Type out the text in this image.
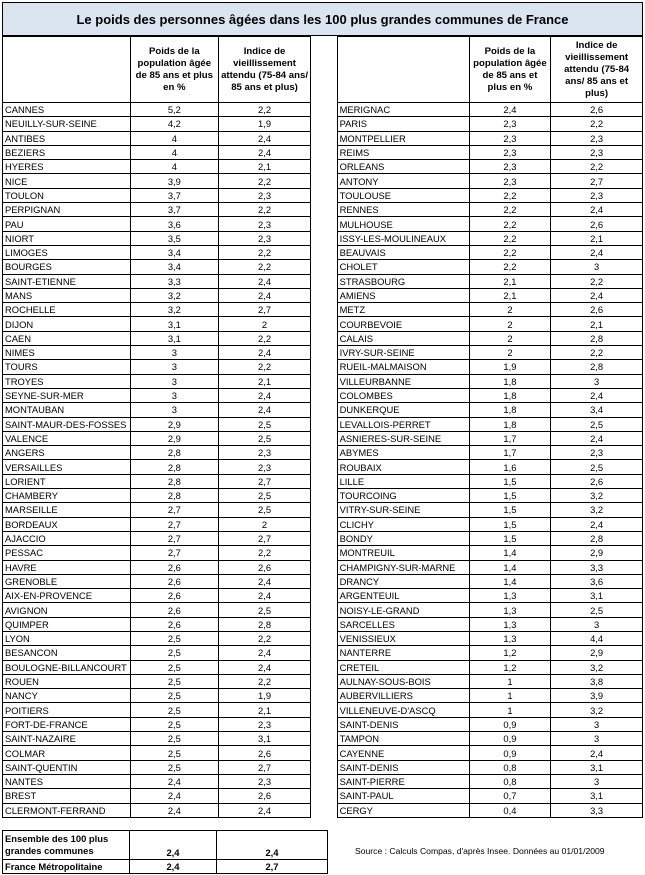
Le poids des personnes âgées dans les 100 plus grandes communes de France
	Poids de la population âgée de 85 ans et plus en %	Indice de vieillissement attendu (75-84 ans/ 85 ans et plus)			Poids de la population âgée de 85 ans et plus en %	Indice de vieillissement attendu (75-84 ans/ 85 ans et plus)
CANNES	5,2	2,2		MERIGNAC	2,4	2,6
NEUILLY-SUR-SEINE	4,2	1,9		PARIS	2,3	2,2
ANTIBES	4	2,4		MONTPELLIER	2,3	2,3
BEZIERS	4	2,4		REIMS	2,3	2,3
HYERES	4	2,1		ORLEANS	2,3	2,2
NICE	3,9	2,2		ANTONY	2,3	2,7
TOULON	3,7	2,3		TOULOUSE	2,2	2,3
PERPIGNAN	3,7	2,2		RENNES	2,2	2,4
PAU	3,6	2,3		MULHOUSE	2,2	2,6
NIORT	3,5	2,3		ISSY-LES-MOULINEAUX	2,2	2,1
LIMOGES	3,4	2,2		BEAUVAIS	2,2	2,4
BOURGES	3,4	2,2		CHOLET	2,2	3
SAINT-ETIENNE	3,3	2,4		STRASBOURG	2,1	2,2
MANS	3,2	2,4		AMIENS	2,1	2,4
ROCHELLE	3,2	2,7		METZ	2	2,6
DIJON	3,1	2		COURBEVOIE	2	2,1
CAEN	3,1	2,2		CALAIS	2	2,8
NIMES	3	2,4		IVRY-SUR-SEINE	2	2,2
TOURS	3	2,2		RUEIL-MALMAISON	1,9	2,8
TROYES	3	2,1		VILLEURBANNE	1,8	3
SEYNE-SUR-MER	3	2,4		COLOMBES	1,8	2,4
MONTAUBAN	3	2,4		DUNKERQUE	1,8	3,4
SAINT-MAUR-DES-FOSSES	2,9	2,5		LEVALLOIS-PERRET	1,8	2,5
VALENCE	2,9	2,5		ASNIERES-SUR-SEINE	1,7	2,4
ANGERS	2,8	2,3		ABYMES	1,7	2,3
VERSAILLES	2,8	2,3		ROUBAIX	1,6	2,5
LORIENT	2,8	2,7		LILLE	1,5	2,6
CHAMBERY	2,8	2,5		TOURCOING	1,5	3,2
MARSEILLE	2,7	2,5		VITRY-SUR-SEINE	1,5	3,2
BORDEAUX	2,7	2		CLICHY	1,5	2,4
AJACCIO	2,7	2,7		BONDY	1,5	2,8
PESSAC	2,7	2,2		MONTREUIL	1,4	2,9
HAVRE	2,6	2,6		CHAMPIGNY-SUR-MARNE	1,4	3,3
GRENOBLE	2,6	2,4		DRANCY	1,4	3,6
AIX-EN-PROVENCE	2,6	2,4		ARGENTEUIL	1,3	3,1
AVIGNON	2,6	2,5		NOISY-LE-GRAND	1,3	2,5
QUIMPER	2,6	2,8		SARCELLES	1,3	3
LYON	2,5	2,2		VENISSIEUX	1,3	4,4
BESANCON	2,5	2,4		NANTERRE	1,2	2,9
BOULOGNE-BILLANCOURT	2,5	2,4		CRETEIL	1,2	3,2
ROUEN	2,5	2,2		AULNAY-SOUS-BOIS	1	3,8
NANCY	2,5	1,9		AUBERVILLIERS	1	3,9
POITIERS	2,5	2,1		VILLENEUVE-D'ASCQ	1	3,2
FORT-DE-FRANCE	2,5	2,3		SAINT-DENIS	0,9	3
SAINT-NAZAIRE	2,5	3,1		TAMPON	0,9	3
COLMAR	2,5	2,6		CAYENNE	0,9	2,4
SAINT-QUENTIN	2,5	2,7		SAINT-DENIS	0,8	3,1
NANTES	2,4	2,3		SAINT-PIERRE	0,8	3
BREST	2,4	2,6		SAINT-PAUL	0,7	3,1
CLERMONT-FERRAND	2,4	2,4		CERGY	0,4	3,3
Ensemble des 100 plus grandes communes	2,4	2,4
France Métropolitaine	2,4	2,7
Source : Calculs Compas, d'après Insee. Données au 01/01/2009
